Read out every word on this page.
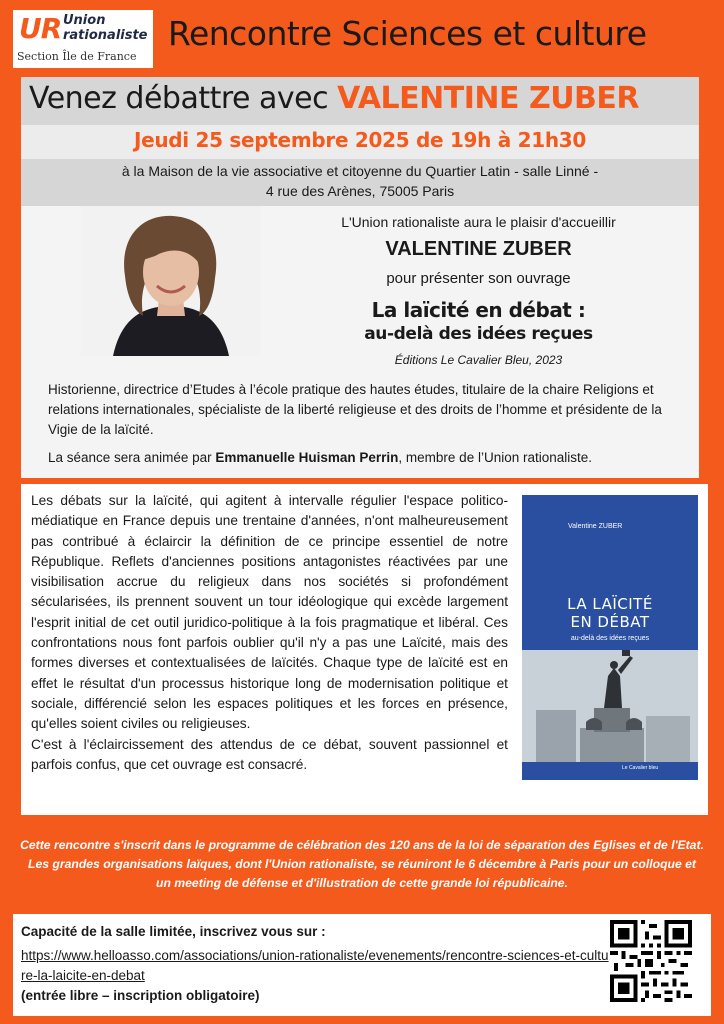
UR Union
rationaliste
Section Île de France
Rencontre Sciences et culture
Venez débattre avec VALENTINE ZUBER
Jeudi 25 septembre 2025 de 19h à 21h30
à la Maison de la vie associative et citoyenne du Quartier Latin - salle Linné -
4 rue des Arènes, 75005 Paris
L'Union rationaliste aura le plaisir d'accueillir
VALENTINE ZUBER
pour présenter son ouvrage
La laïcité en débat :
au-delà des idées reçues
Éditions Le Cavalier Bleu, 2023
Historienne, directrice d’Etudes à l’école pratique des hautes études, titulaire de la chaire Religions et relations internationales, spécialiste de la liberté religieuse et des droits de l’homme et présidente de la Vigie de la laïcité.
La séance sera animée par Emmanuelle Huisman Perrin, membre de l’Union rationaliste.

Les débats sur la laïcité, qui agitent à intervalle régulier l'espace politico-médiatique en France depuis une trentaine d'années, n'ont malheureusement pas contribué à éclaircir la définition de ce principe essentiel de notre République. Reflets d'anciennes positions antagonistes réactivées par une visibilisation accrue du religieux dans nos sociétés si profondément sécularisées, ils prennent souvent un tour idéologique qui excède largement l'esprit initial de cet outil juridico-politique à la fois pragmatique et libéral. Ces confrontations nous font parfois oublier qu'il n'y a pas une Laïcité, mais des formes diverses et contextualisées de laïcités. Chaque type de laïcité est en effet le résultat d'un processus historique long de modernisation politique et sociale, différencié selon les espaces politiques et les forces en présence, qu'elles soient civiles ou religieuses.

C'est à l'éclaircissement des attendus de ce débat, souvent passionnel et parfois confus, que cet ouvrage est consacré.

Valentine ZUBER
LA LAÏCITÉ
EN DÉBAT
au-delà des idées reçues
Le Cavalier bleu
Cette rencontre s'inscrit dans le programme de célébration des 120 ans de la loi de séparation des Eglises et de l'Etat. Les grandes organisations laïques, dont l'Union rationaliste, se réuniront le 6 décembre à Paris pour un colloque et un meeting de défense et d'illustration de cette grande loi républicaine.
Capacité de la salle limitée, inscrivez vous sur :
https://www.helloasso.com/associations/union-rationaliste/evenements/rencontre-sciences-et-culture-la-laicite-en-debat
(entrée libre – inscription obligatoire)
